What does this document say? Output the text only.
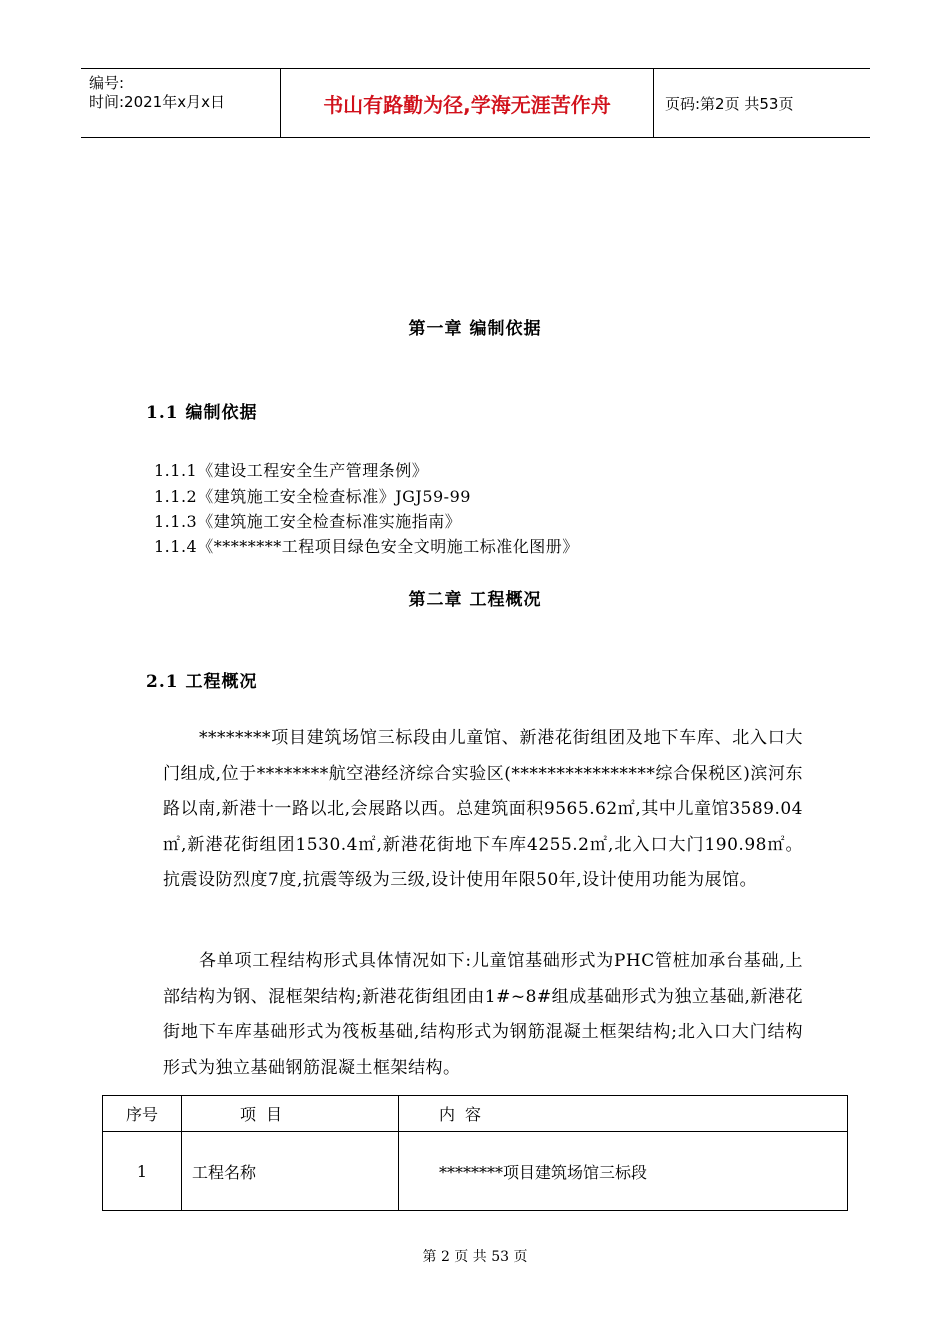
编号:
时间:2021年x月x日	书山有路勤为径,学海无涯苦作舟	页码:第2页 共53页
第一章 编制依据
1.1 编制依据
1.1.1《建设工程安全生产管理条例》
1.1.2《建筑施工安全检查标准》JGJ59-99
1.1.3《建筑施工安全检查标准实施指南》
1.1.4《********工程项目绿色安全文明施工标准化图册》
第二章 工程概况
2.1 工程概况

********项目建筑场馆三标段由儿童馆、新港花街组团及地下车库、北入口大门组成,位于********航空港经济综合实验区(****************综合保税区)滨河东路以南,新港十一路以北,会展路以西。总建筑面积9565.62㎡,其中儿童馆3589.04㎡,新港花街组团1530.4㎡,新港花街地下车库4255.2㎡,北入口大门190.98㎡。抗震设防烈度7度,抗震等级为三级,设计使用年限50年,设计使用功能为展馆。

各单项工程结构形式具体情况如下:儿童馆基础形式为PHC管桩加承台基础,上部结构为钢、混框架结构;新港花街组团由1#~8#组成基础形式为独立基础,新港花街地下车库基础形式为筏板基础,结构形式为钢筋混凝土框架结构;北入口大门结构形式为独立基础钢筋混凝土框架结构。

序号	项目	内容
1	工程名称	********项目建筑场馆三标段
第 2 页 共 53 页
